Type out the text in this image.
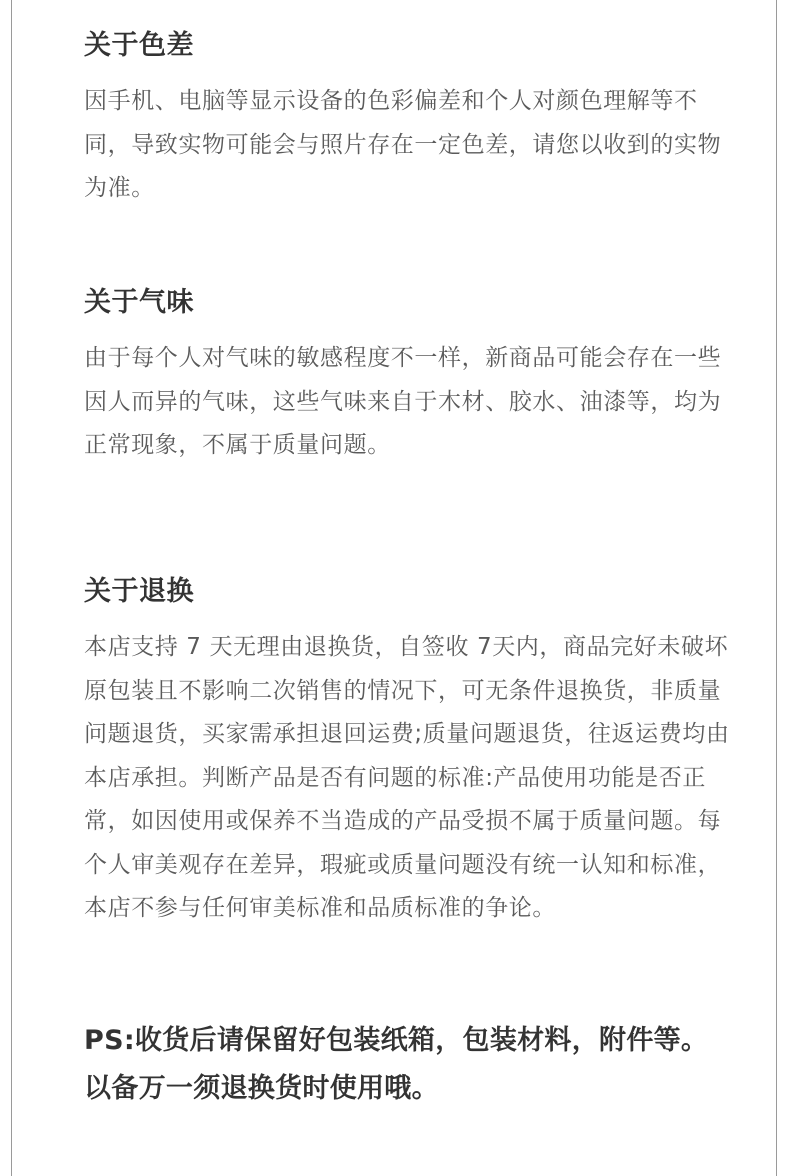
关于色差

因手机、电脑等显示设备的色彩偏差和个人对颜色理解等不同，导致实物可能会与照片存在一定色差，请您以收到的实物为准。

关于气味

由于每个人对气味的敏感程度不一样，新商品可能会存在一些因人而异的气味，这些气味来自于木材、胶水、油漆等，均为正常现象，不属于质量问题。

关于退换

本店支持 7 天无理由退换货，自签收 7天内，商品完好未破坏原包装且不影响二次销售的情况下，可无条件退换货，非质量问题退货，买家需承担退回运费;质量问题退货，往返运费均由本店承担。判断产品是否有问题的标准:产品使用功能是否正常，如因使用或保养不当造成的产品受损不属于质量问题。每个人审美观存在差异，瑕疵或质量问题没有统一认知和标准，本店不参与任何审美标准和品质标准的争论。

PS:收货后请保留好包装纸箱，包装材料，附件等。

以备万一须退换货时使用哦。
